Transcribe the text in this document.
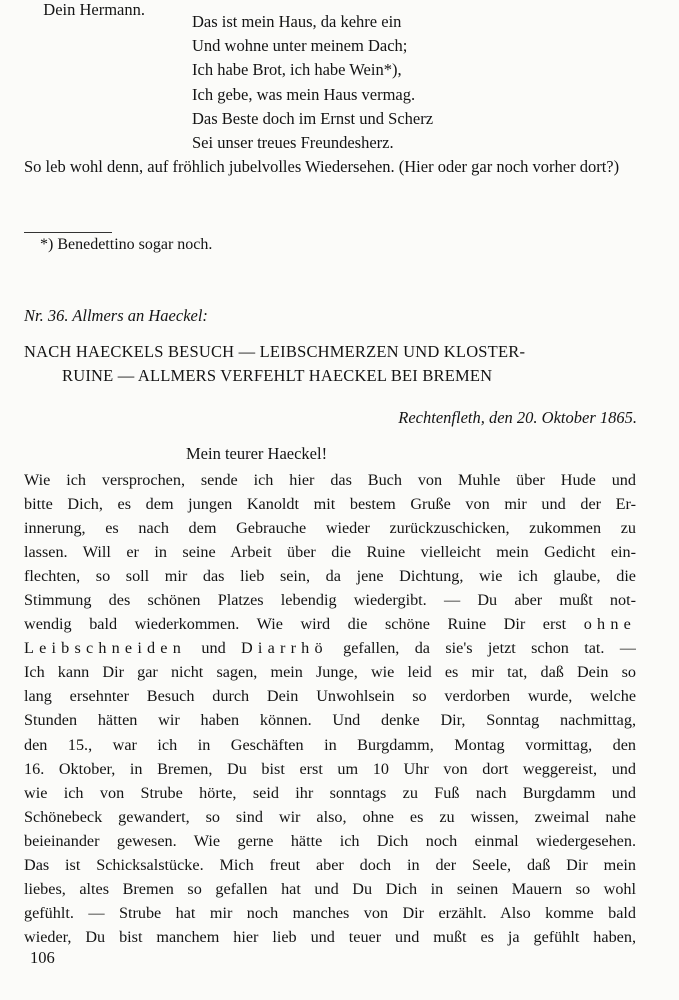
Das ist mein Haus, da kehre ein
Und wohne unter meinem Dach;
Ich habe Brot, ich habe Wein*),
Ich gebe, was mein Haus vermag.
Das Beste doch im Ernst und Scherz
Sei unser treues Freundesherz.
So leb wohl denn, auf fröhlich jubelvolles Wiedersehen. (Hier oder gar noch vorher dort?)
Dein Hermann.
*) Benedettino sogar noch.
Nr. 36. Allmers an Haeckel:
NACH HAECKELS BESUCH — LEIBSCHMERZEN UND KLOSTER-
RUINE — ALLMERS VERFEHLT HAECKEL BEI BREMEN
Rechtenfleth, den 20. Oktober 1865.
Mein teurer Haeckel!
Wie ich versprochen, sende ich hier das Buch von Muhle über Hude und
bitte Dich, es dem jungen Kanoldt mit bestem Gruße von mir und der Er-
innerung, es nach dem Gebrauche wieder zurückzuschicken, zukommen zu
lassen. Will er in seine Arbeit über die Ruine vielleicht mein Gedicht ein-
flechten, so soll mir das lieb sein, da jene Dichtung, wie ich glaube, die
Stimmung des schönen Platzes lebendig wiedergibt. — Du aber mußt not-
wendig bald wiederkommen. Wie wird die schöne Ruine Dir erst ohne
Leibschneiden und Diarrhö gefallen, da sie's jetzt schon tat. —
Ich kann Dir gar nicht sagen, mein Junge, wie leid es mir tat, daß Dein so
lang ersehnter Besuch durch Dein Unwohlsein so verdorben wurde, welche
Stunden hätten wir haben können. Und denke Dir, Sonntag nachmittag,
den 15., war ich in Geschäften in Burgdamm, Montag vormittag, den
16. Oktober, in Bremen, Du bist erst um 10 Uhr von dort weggereist, und
wie ich von Strube hörte, seid ihr sonntags zu Fuß nach Burgdamm und
Schönebeck gewandert, so sind wir also, ohne es zu wissen, zweimal nahe
beieinander gewesen. Wie gerne hätte ich Dich noch einmal wiedergesehen.
Das ist Schicksalstücke. Mich freut aber doch in der Seele, daß Dir mein
liebes, altes Bremen so gefallen hat und Du Dich in seinen Mauern so wohl
gefühlt. — Strube hat mir noch manches von Dir erzählt. Also komme bald
wieder, Du bist manchem hier lieb und teuer und mußt es ja gefühlt haben,
106
